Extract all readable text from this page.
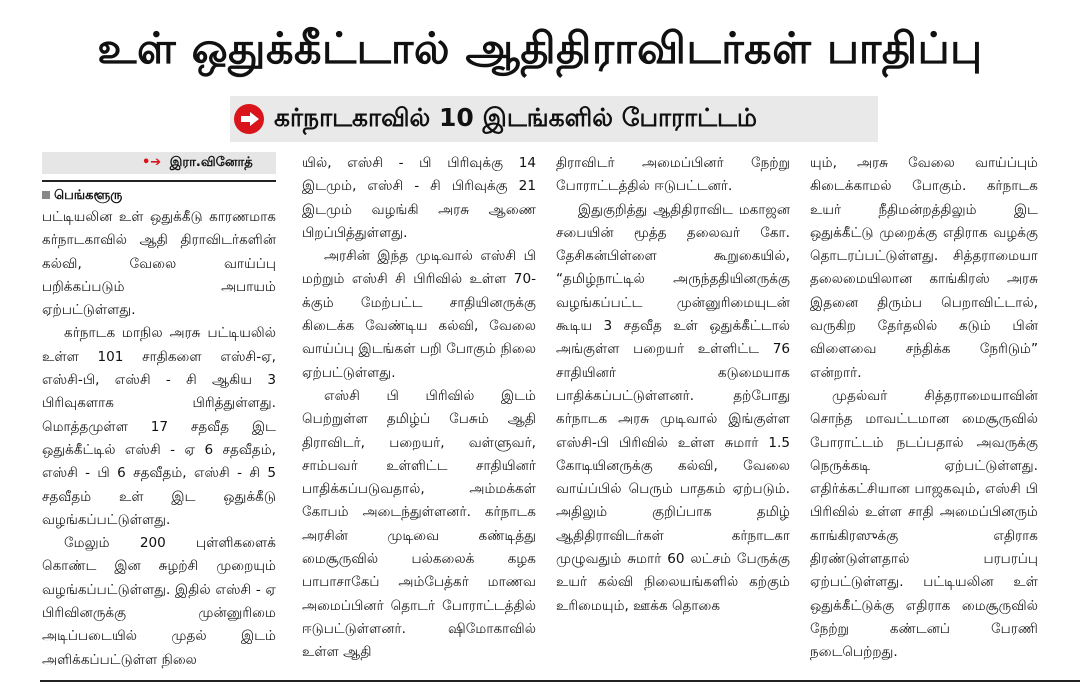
உள் ஒதுக்கீட்டால் ஆதிதிராவிடர்கள் பாதிப்பு
கர்நாடகாவில் 10 இடங்களில் போராட்டம்
•➔ இரா.வினோத்
பெங்களூரு

பட்டியலின உள் ஒதுக்கீடு காரணமாக கர்நாடகாவில் ஆதி திராவிடர்களின் கல்வி, வேலை வாய்ப்பு பறிக்கப்படும் அபாயம் ஏற்பட்டுள்ளது.

கர்நாடக மாநில அரசு பட்டியலில் உள்ள 101 சாதிகளை எஸ்சி-ஏ, எஸ்சி-பி, எஸ்சி - சி ஆகிய 3 பிரிவுகளாக பிரித்துள்ளது. மொத்தமுள்ள 17 சதவீத இட ஒதுக்கீட்டில் எஸ்சி - ஏ 6 சதவீதம், எஸ்சி - பி 6 சதவீதம், எஸ்சி - சி 5 சதவீதம் உள் இட ஒதுக்கீடு வழங்கப்பட்டுள்ளது.

மேலும் 200 புள்ளிகளைக் கொண்ட இன சுழற்சி முறையும் வழங்கப்பட்டுள்ளது. இதில் எஸ்சி - ஏ பிரிவினருக்கு முன்னுரிமை அடிப்படையில் முதல் இடம் அளிக்கப்பட்டுள்ள நிலை

யில், எஸ்சி - பி பிரிவுக்கு 14 இடமும், எஸ்சி - சி பிரிவுக்கு 21 இடமும் வழங்கி அரசு ஆணை பிறப்பித்துள்ளது.

அரசின் இந்த முடிவால் எஸ்சி பி மற்றும் எஸ்சி சி பிரிவில் உள்ள 70-க்கும் மேற்பட்ட சாதியினருக்கு கிடைக்க வேண்டிய கல்வி, வேலை வாய்ப்பு இடங்கள் பறி போகும் நிலை ஏற்பட்டுள்ளது.

எஸ்சி பி பிரிவில் இடம் பெற்றுள்ள தமிழ்ப் பேசும் ஆதி திராவிடர், பறையர், வள்ளுவர், சாம்பவர் உள்ளிட்ட சாதியினர் பாதிக்கப்படுவதால், அம்மக்கள் கோபம் அடைந்துள்ளனர். கர்நாடக அரசின் முடிவை கண்டித்து மைசூருவில் பல்கலைக் கழக பாபாசாகேப் அம்பேத்கர் மாணவ அமைப்பினர் தொடர் போராட்டத்தில் ஈடுபட்டுள்ளனர். ஷிமோகாவில் உள்ள ஆதி

திராவிடர் அமைப்பினர் நேற்று போராட்டத்தில் ஈடுபட்டனர்.

இதுகுறித்து ஆதிதிராவிட மகாஜன சபையின் மூத்த தலைவர் கோ. தேசிகன்பிள்ளை கூறுகையில், “தமிழ்நாட்டில் அருந்ததியினருக்கு வழங்கப்பட்ட முன்னுரிமையுடன் கூடிய 3 சதவீத உள் ஒதுக்கீட்டால் அங்குள்ள பறையர் உள்ளிட்ட 76 சாதியினர் கடுமையாக பாதிக்கப்பட்டுள்ளனர். தற்போது கர்நாடக அரசு முடிவால் இங்குள்ள எஸ்சி-பி பிரிவில் உள்ள சுமார் 1.5 கோடியினருக்கு கல்வி, வேலை வாய்ப்பில் பெரும் பாதகம் ஏற்படும். அதிலும் குறிப்பாக தமிழ் ஆதிதிராவிடர்கள் கர்நாடகா முழுவதும் சுமார் 60 லட்சம் பேருக்கு உயர் கல்வி நிலையங்களில் கற்கும் உரிமையும், ஊக்க தொகை

யும், அரசு வேலை வாய்ப்பும் கிடைக்காமல் போகும். கர்நாடக உயர் நீதிமன்றத்திலும் இட ஒதுக்கீட்டு முறைக்கு எதிராக வழக்கு தொடரப்பட்டுள்ளது. சித்தராமையா தலைமையிலான காங்கிரஸ் அரசு இதனை திரும்ப பெறாவிட்டால், வருகிற தேர்தலில் கடும் பின் விளைவை சந்திக்க நேரிடும்” என்றார்.

முதல்வர் சித்தராமையாவின் சொந்த மாவட்டமான மைசூருவில் போராட்டம் நடப்பதால் அவருக்கு நெருக்கடி ஏற்பட்டுள்ளது. எதிர்க்கட்சியான பாஜகவும், எஸ்சி பி பிரிவில் உள்ள சாதி அமைப்பினரும் காங்கிரஸுக்கு எதிராக திரண்டுள்ளதால் பரபரப்பு ஏற்பட்டுள்ளது. பட்டியலின உள் ஒதுக்கீட்டுக்கு எதிராக மைசூருவில் நேற்று கண்டனப் பேரணி நடைபெற்றது.
